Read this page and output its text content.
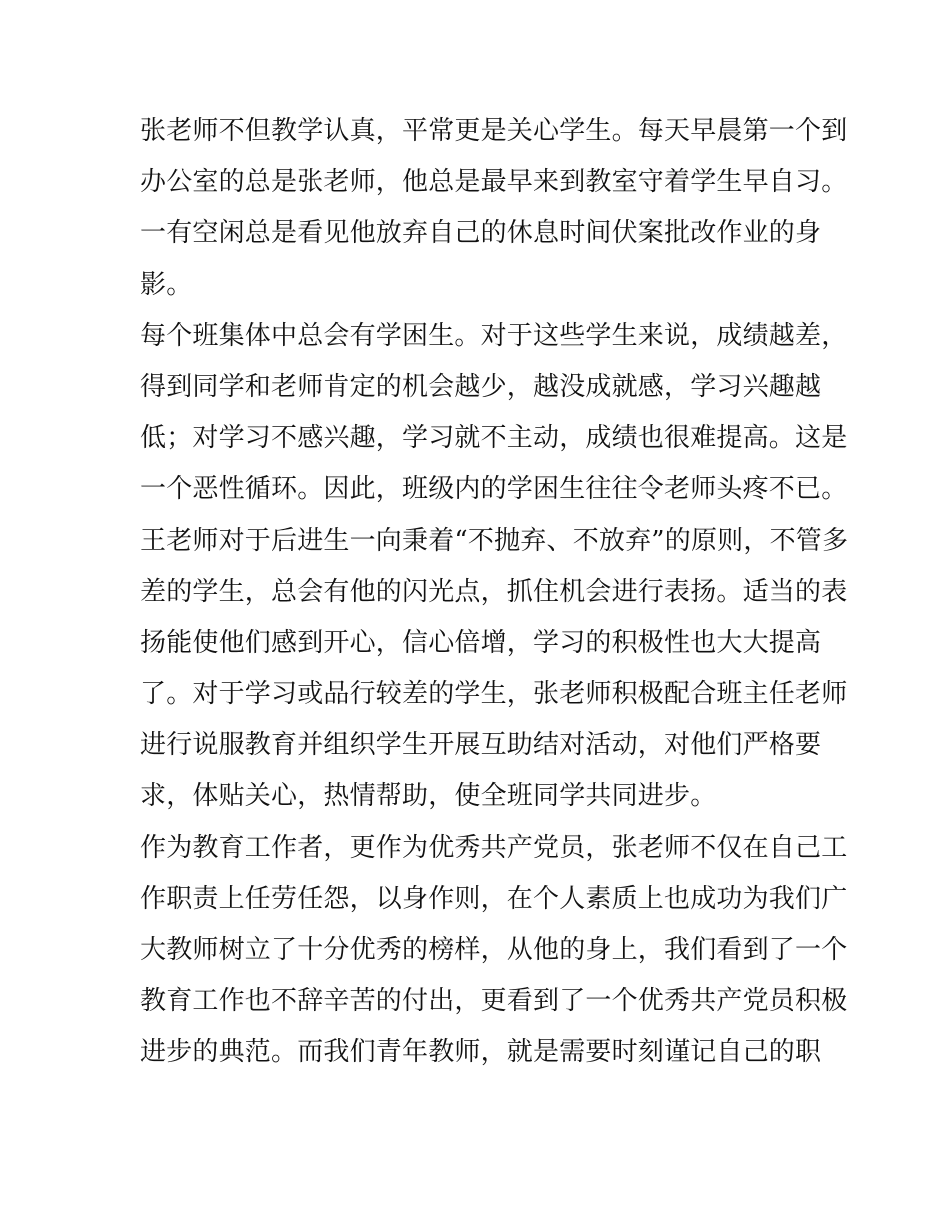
张老师不但教学认真，平常更是关心学生。每天早晨第一个到
办公室的总是张老师，他总是最早来到教室守着学生早自习。
一有空闲总是看见他放弃自己的休息时间伏案批改作业的身
影。
每个班集体中总会有学困生。对于这些学生来说，成绩越差，
得到同学和老师肯定的机会越少，越没成就感，学习兴趣越
低；对学习不感兴趣，学习就不主动，成绩也很难提高。这是
一个恶性循环。因此，班级内的学困生往往令老师头疼不已。
王老师对于后进生一向秉着“不抛弃、不放弃”的原则，不管多
差的学生，总会有他的闪光点，抓住机会进行表扬。适当的表
扬能使他们感到开心，信心倍增，学习的积极性也大大提高
了。对于学习或品行较差的学生，张老师积极配合班主任老师
进行说服教育并组织学生开展互助结对活动，对他们严格要
求，体贴关心，热情帮助，使全班同学共同进步。
作为教育工作者，更作为优秀共产党员，张老师不仅在自己工
作职责上任劳任怨，以身作则，在个人素质上也成功为我们广
大教师树立了十分优秀的榜样，从他的身上，我们看到了一个
教育工作也不辞辛苦的付出，更看到了一个优秀共产党员积极
进步的典范。而我们青年教师，就是需要时刻谨记自己的职
